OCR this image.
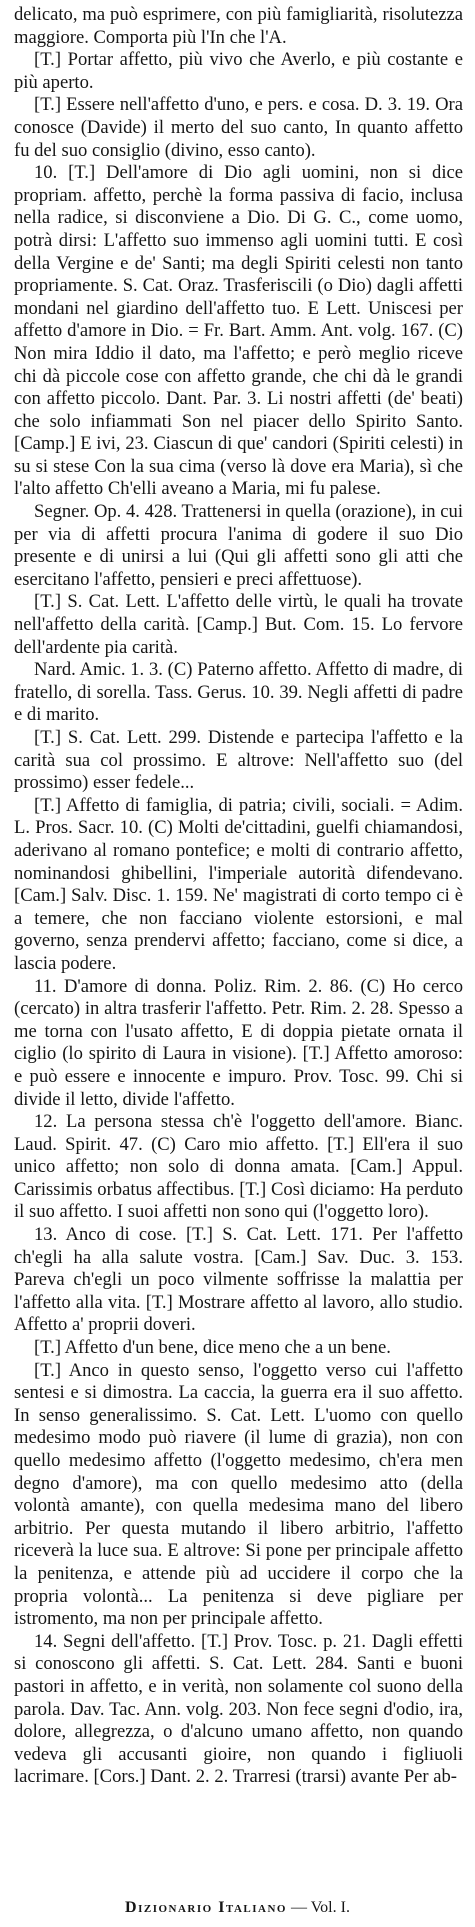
delicato, ma può esprimere, con più famigliarità, risolutezza maggiore. Comporta più l'In che l'A.

[T.] Portar affetto, più vivo che Averlo, e più costante e più aperto.

[T.] Essere nell'affetto d'uno, e pers. e cosa. D. 3. 19. Ora conosce (Davide) il merto del suo canto, In quanto affetto fu del suo consiglio (divino, esso canto).

10. [T.] Dell'amore di Dio agli uomini, non si dice propriam. affetto, perchè la forma passiva di facio, inclusa nella radice, si disconviene a Dio. Di G. C., come uomo, potrà dirsi: L'affetto suo immenso agli uomini tutti. E così della Vergine e de' Santi; ma degli Spiriti celesti non tanto propriamente. S. Cat. Oraz. Trasferiscili (o Dio) dagli affetti mondani nel giardino dell'affetto tuo. E Lett. Uniscesi per affetto d'amore in Dio. = Fr. Bart. Amm. Ant. volg. 167. (C) Non mira Iddio il dato, ma l'affetto; e però meglio riceve chi dà piccole cose con affetto grande, che chi dà le grandi con affetto piccolo. Dant. Par. 3. Li nostri affetti (de' beati) che solo infiammati Son nel piacer dello Spirito Santo. [Camp.] E ivi, 23. Ciascun di que' candori (Spiriti celesti) in su si stese Con la sua cima (verso là dove era Maria), sì che l'alto affetto Ch'elli aveano a Maria, mi fu palese.

Segner. Op. 4. 428. Trattenersi in quella (orazione), in cui per via di affetti procura l'anima di godere il suo Dio presente e di unirsi a lui (Qui gli affetti sono gli atti che esercitano l'affetto, pensieri e preci affettuose).

[T.] S. Cat. Lett. L'affetto delle virtù, le quali ha trovate nell'affetto della carità. [Camp.] But. Com. 15. Lo fervore dell'ardente pia carità.

Nard. Amic. 1. 3. (C) Paterno affetto. Affetto di madre, di fratello, di sorella. Tass. Gerus. 10. 39. Negli affetti di padre e di marito.

[T.] S. Cat. Lett. 299. Distende e partecipa l'affetto e la carità sua col prossimo. E altrove: Nell'affetto suo (del prossimo) esser fedele...

[T.] Affetto di famiglia, di patria; civili, sociali. = Adim. L. Pros. Sacr. 10. (C) Molti de'cittadini, guelfi chiamandosi, aderivano al romano pontefice; e molti di contrario affetto, nominandosi ghibellini, l'imperiale autorità difendevano. [Cam.] Salv. Disc. 1. 159. Ne' magistrati di corto tempo ci è a temere, che non facciano violente estorsioni, e mal governo, senza prendervi affetto; facciano, come si dice, a lascia podere.

11. D'amore di donna. Poliz. Rim. 2. 86. (C) Ho cerco (cercato) in altra trasferir l'affetto. Petr. Rim. 2. 28. Spesso a me torna con l'usato affetto, E di doppia pietate ornata il ciglio (lo spirito di Laura in visione). [T.] Affetto amoroso: e può essere e innocente e impuro. Prov. Tosc. 99. Chi si divide il letto, divide l'affetto.

12. La persona stessa ch'è l'oggetto dell'amore. Bianc. Laud. Spirit. 47. (C) Caro mio affetto. [T.] Ell'era il suo unico affetto; non solo di donna amata. [Cam.] Appul. Carissimis orbatus affectibus. [T.] Così diciamo: Ha perduto il suo affetto. I suoi affetti non sono qui (l'oggetto loro).

13. Anco di cose. [T.] S. Cat. Lett. 171. Per l'affetto ch'egli ha alla salute vostra. [Cam.] Sav. Duc. 3. 153. Pareva ch'egli un poco vilmente soffrisse la malattia per l'affetto alla vita. [T.] Mostrare affetto al lavoro, allo studio. Affetto a' proprii doveri.

[T.] Affetto d'un bene, dice meno che a un bene.

[T.] Anco in questo senso, l'oggetto verso cui l'affetto sentesi e si dimostra. La caccia, la guerra era il suo affetto. In senso generalissimo. S. Cat. Lett. L'uomo con quello medesimo modo può riavere (il lume di grazia), non con quello medesimo affetto (l'oggetto medesimo, ch'era men degno d'amore), ma con quello medesimo atto (della volontà amante), con quella medesima mano del libero arbitrio. Per questa mutando il libero arbitrio, l'affetto riceverà la luce sua. E altrove: Si pone per principale affetto la penitenza, e attende più ad uccidere il corpo che la propria volontà... La penitenza si deve pigliare per istromento, ma non per principale affetto.

14. Segni dell'affetto. [T.] Prov. Tosc. p. 21. Dagli effetti si conoscono gli affetti. S. Cat. Lett. 284. Santi e buoni pastori in affetto, e in verità, non solamente col suono della parola. Dav. Tac. Ann. volg. 203. Non fece segni d'odio, ira, dolore, allegrezza, o d'alcuno umano affetto, non quando vedeva gli accusanti gioire, non quando i figliuoli lacrimare. [Cors.] Dant. 2. 2. Trarresi (trarsi) avante Per ab-

Dizionario Italiano — Vol. I.
